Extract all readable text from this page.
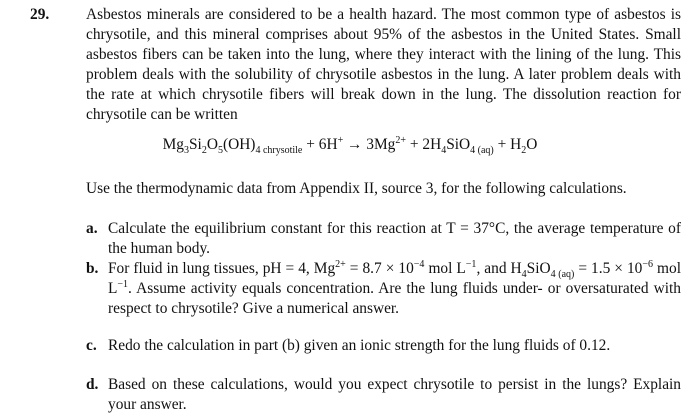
29. Asbestos minerals are considered to be a health hazard. The most common type of asbestos is chrysotile, and this mineral comprises about 95% of the asbestos in the United States. Small asbestos fibers can be taken into the lung, where they interact with the lining of the lung. This problem deals with the solubility of chrysotile asbestos in the lung. A later problem deals with the rate at which chrysotile fibers will break down in the lung. The dissolution reaction for chrysotile can be written
$Mg_3Si_2O_5(OH)_{4 chrysotile} + 6H^+ \to 3Mg^{2+} + 2H_4SiO_{4 (aq)} + H_2O$
Use the thermodynamic data from Appendix II, source 3, for the following calculations.
a. Calculate the equilibrium constant for this reaction at T = 37°C, the average temperature of the human body.
b. For fluid in lung tissues, pH = 4, $Mg^{2+} = 8.7 \times 10^{-4}$ mol $L^{-1}$, and $H_4SiO_{4 (aq)} = 1.5 \times 10^{-6}$ mol $L^{-1}$. Assume activity equals concentration. Are the lung fluids under- or oversaturated with respect to chrysotile? Give a numerical answer.
c. Redo the calculation in part (b) given an ionic strength for the lung fluids of 0.12.
d. Based on these calculations, would you expect chrysotile to persist in the lungs? Explain your answer.
